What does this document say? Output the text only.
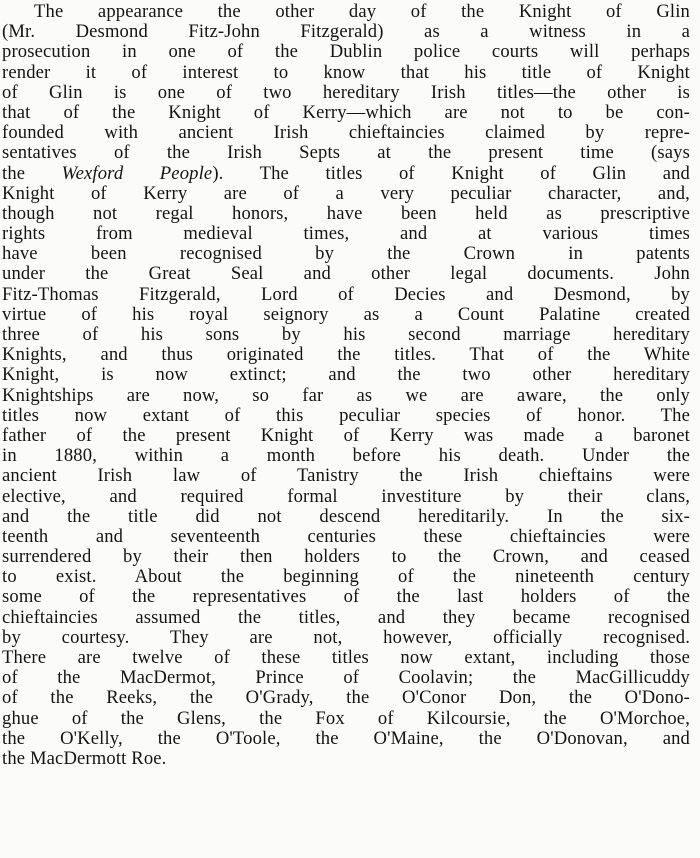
The appearance the other day of the Knight of Glin
(Mr. Desmond Fitz-John Fitzgerald) as a witness in a
prosecution in one of the Dublin police courts will perhaps
render it of interest to know that his title of Knight
of Glin is one of two hereditary Irish titles—the other is
that of the Knight of Kerry—which are not to be con-
founded with ancient Irish chieftaincies claimed by repre-
sentatives of the Irish Septs at the present time (says
the Wexford People). The titles of Knight of Glin and
Knight of Kerry are of a very peculiar character, and,
though not regal honors, have been held as prescriptive
rights from medieval times, and at various times
have been recognised by the Crown in patents
under the Great Seal and other legal documents. John
Fitz-Thomas Fitzgerald, Lord of Decies and Desmond, by
virtue of his royal seignory as a Count Palatine created
three of his sons by his second marriage hereditary
Knights, and thus originated the titles. That of the White
Knight, is now extinct; and the two other hereditary
Knightships are now, so far as we are aware, the only
titles now extant of this peculiar species of honor. The
father of the present Knight of Kerry was made a baronet
in 1880, within a month before his death. Under the
ancient Irish law of Tanistry the Irish chieftains were
elective, and required formal investiture by their clans,
and the title did not descend hereditarily. In the six-
teenth and seventeenth centuries these chieftaincies were
surrendered by their then holders to the Crown, and ceased
to exist. About the beginning of the nineteenth century
some of the representatives of the last holders of the
chieftaincies assumed the titles, and they became recognised
by courtesy. They are not, however, officially recognised.
There are twelve of these titles now extant, including those
of the MacDermot, Prince of Coolavin; the MacGillicuddy
of the Reeks, the O'Grady, the O'Conor Don, the O'Dono-
ghue of the Glens, the Fox of Kilcoursie, the O'Morchoe,
the O'Kelly, the O'Toole, the O'Maine, the O'Donovan, and
the MacDermott Roe.
